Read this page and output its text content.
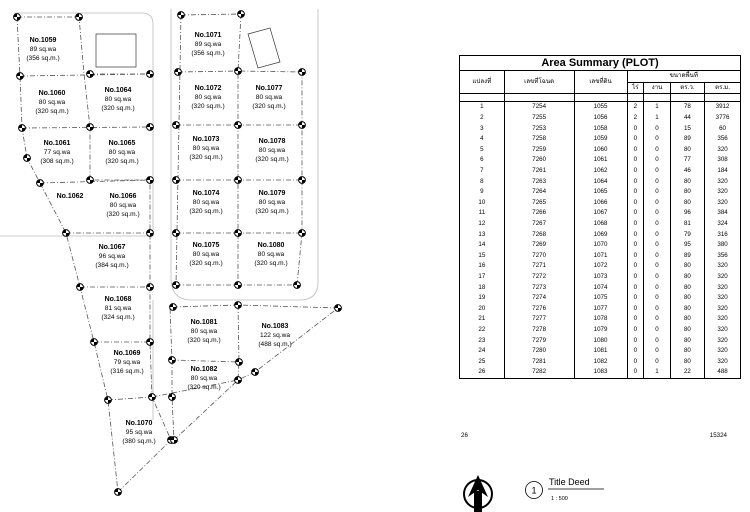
No.1059
89 sq.wa
(356 sq.m.)
No.1060
80 sq.wa
(320 sq.m.)
No.1061
77 sq.wa
(308 sq.m.)
No.1062
No.1064
80 sq.wa
(320 sq.m.)
No.1065
80 sq.wa
(320 sq.m.)
No.1066
80 sq.wa
(320 sq.m.)
No.1067
96 sq.wa
(384 sq.m.)
No.1068
81 sq.wa
(324 sq.m.)
No.1069
79 sq.wa
(316 sq.m.)
No.1070
95 sq.wa
(380 sq.m.)
No.1071
89 sq.wa
(356 sq.m.)
No.1072
80 sq.wa
(320 sq.m.)
No.1077
80 sq.wa
(320 sq.m.)
No.1073
80 sq.wa
(320 sq.m.)
No.1078
80 sq.wa
(320 sq.m.)
No.1074
80 sq.wa
(320 sq.m.)
No.1079
80 sq.wa
(320 sq.m.)
No.1075
80 sq.wa
(320 sq.m.)
No.1080
80 sq.wa
(320 sq.m.)
No.1081
80 sq.wa
(320 sq.m.)
No.1083
122 sq.wa
(488 sq.m.)
No.1082
80 sq.wa
(320 sq.m.)
Area Summary (PLOT)						
แปลงที่	เลขที่โฉนด	เลขที่ดิน	ขนาดพื้นที่			
			ไร่	งาน	ตร.ว.	ตร.ม.

1	7254	1055	2	1	78	3912
2	7255	1056	2	1	44	3776
3	7253	1058	0	0	15	60
4	7258	1059	0	0	89	356
5	7259	1060	0	0	80	320
6	7260	1061	0	0	77	308
7	7261	1062	0	0	46	184
8	7263	1064	0	0	80	320
9	7264	1065	0	0	80	320
10	7265	1066	0	0	80	320
11	7266	1067	0	0	96	384
12	7267	1068	0	0	81	324
13	7268	1069	0	0	79	316
14	7269	1070	0	0	95	380
15	7270	1071	0	0	89	356
16	7271	1072	0	0	80	320
17	7272	1073	0	0	80	320
18	7273	1074	0	0	80	320
19	7274	1075	0	0	80	320
20	7276	1077	0	0	80	320
21	7277	1078	0	0	80	320
22	7278	1079	0	0	80	320
23	7279	1080	0	0	80	320
24	7280	1081	0	0	80	320
25	7281	1082	0	0	80	320
26	7282	1083	0	1	22	488
26	15324
1
Title Deed
1 : 500
